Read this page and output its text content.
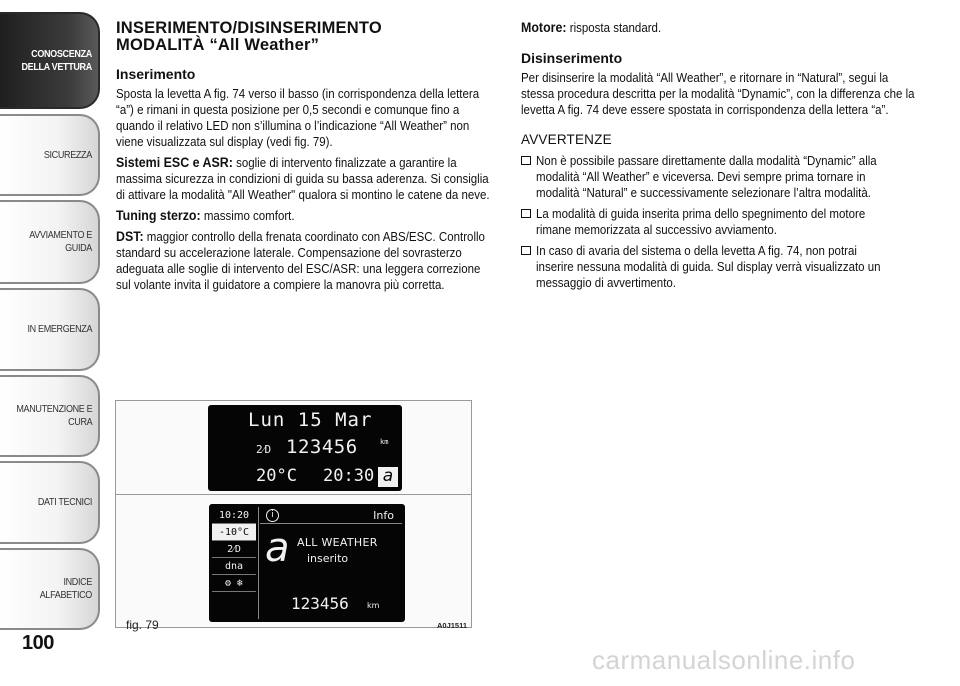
CONOSCENZA
DELLA VETTURA
SICUREZZA
AVVIAMENTO E
GUIDA
IN EMERGENZA
MANUTENZIONE E
CURA
DATI TECNICI
INDICE ALFABETICO
100
INSERIMENTO/DISINSERIMENTO
MODALITÀ “All Weather”
Inserimento

Sposta la levetta A fig. 74 verso il basso (in corrispondenza della lettera “a”) e rimani in questa posizione per 0,5 secondi e comunque fino a quando il relativo LED non s’illumina o l’indicazione “All Weather” non viene visualizzata sul display (vedi fig. 79).

Sistemi ESC e ASR: soglie di intervento finalizzate a garantire la massima sicurezza in condizioni di guida su bassa aderenza. Si consiglia di attivare la modalità "All Weather" qualora si montino le catene da neve.

Tuning sterzo: massimo comfort.

DST: maggior controllo della frenata coordinato con ABS/ESC. Controllo standard su accelerazione laterale. Compensazione del sovrasterzo adeguata alle soglie di intervento del ESC/ASR: una leggera correzione sul volante invita il guidatore a compiere la manovra più corretta.

Motore: risposta standard.

Disinserimento

Per disinserire la modalità “All Weather”, e ritornare in “Natural”, segui la stessa procedura descritta per la modalità “Dynamic”, con la differenza che la levetta A fig. 74 deve essere spostata in corrispondenza della lettera “a”.

AVVERTENZE
Non è possibile passare direttamente dalla modalità “Dynamic” alla modalità “All Weather” e viceversa. Devi sempre prima tornare in modalità “Natural” e successivamente selezionare l’altra modalità.
La modalità di guida inserita prima dello spegnimento del motore rimane memorizzata al successivo avviamento.
In caso di avaria del sistema o della levetta A fig. 74, non potrai inserire nessuna modalità di guida. Sul display verrà visualizzato un messaggio di avvertimento.
Lun 15 Mar
2⁄D 123456	km
20°C 20:30 a
10:20
-10°C
2⁄D
dna
⚙ ❄
i	Info
a ALL WEATHER
inserito
123456 km
fig. 79	A0J1511
carmanualsonline.info
